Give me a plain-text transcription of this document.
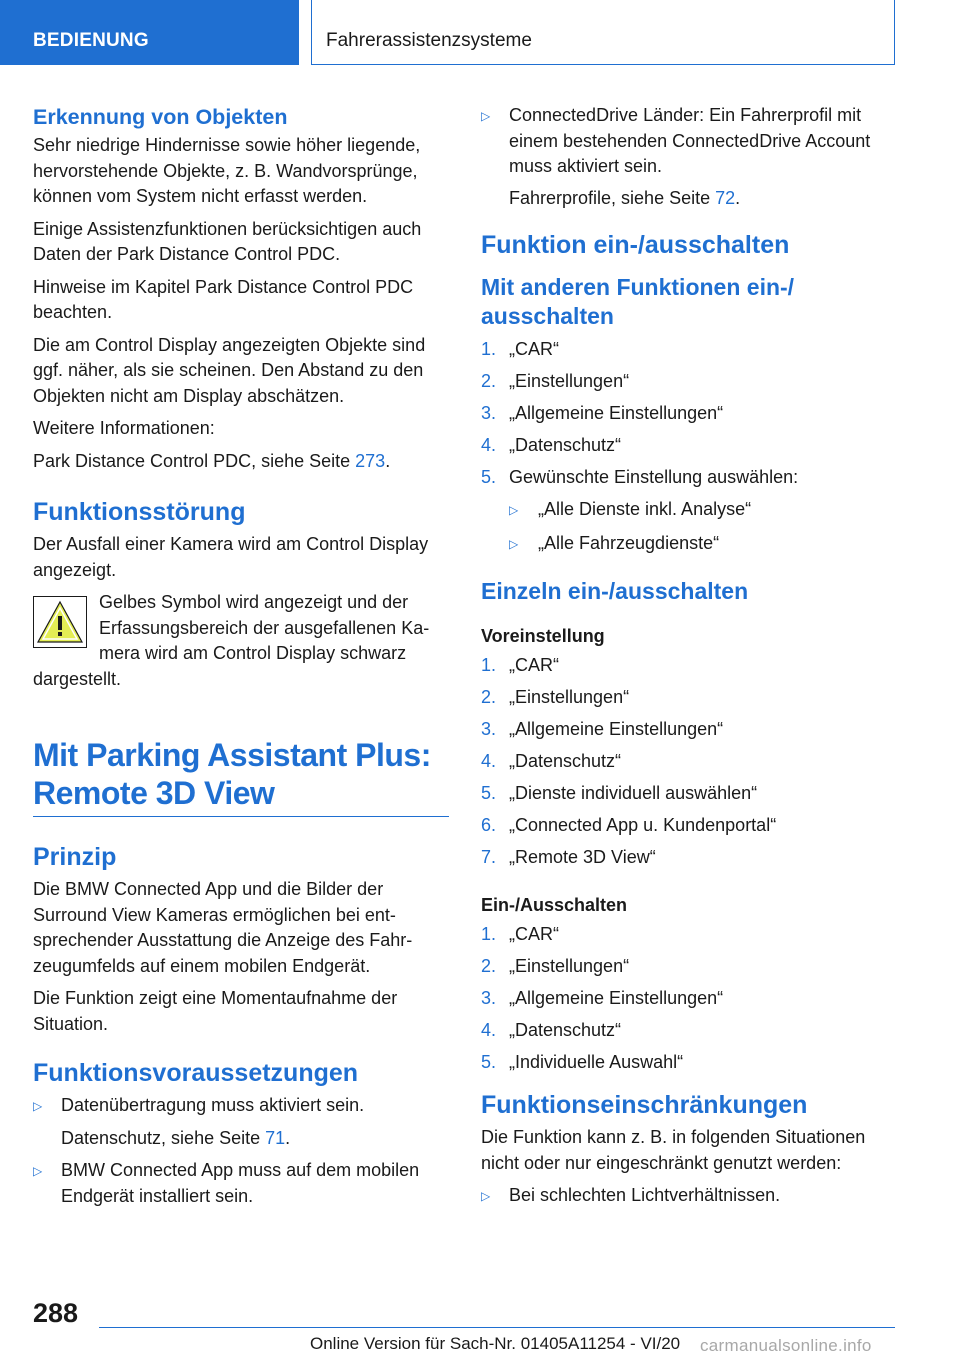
BEDIENUNG	Fahrerassistenzsysteme
Erkennung von Objekten

Sehr niedrige Hindernisse sowie höher liegende, hervorstehende Objekte, z. B. Wandvorsprünge, können vom System nicht erfasst werden.

Einige Assistenzfunktionen berücksichtigen auch Daten der Park Distance Control PDC.

Hinweise im Kapitel Park Distance Control PDC beachten.

Die am Control Display angezeigten Objekte sind ggf. näher, als sie scheinen. Den Abstand zu den Objekten nicht am Display abschätzen.

Weitere Informationen:

Park Distance Control PDC, siehe Seite 273.

Funktionsstörung

Der Ausfall einer Kamera wird am Control Display angezeigt.

Gelbes Symbol wird angezeigt und der
Erfassungsbereich der ausgefallenen Ka-
mera wird am Control Display schwarz
dargestellt.
Mit Parking Assistant Plus:
Remote 3D View
Prinzip

Die BMW Connected App und die Bilder der Surround View Kameras ermöglichen bei entsprechender Ausstattung die Anzeige des Fahrzeugumfelds auf einem mobilen Endgerät.

Die Funktion zeigt eine Momentaufnahme der Situation.

Funktionsvoraussetzungen
▷	Datenübertragung muss aktiviert sein.

Datenschutz, siehe Seite 71.

▷	BMW Connected App muss auf dem mobilen Endgerät installiert sein.
▷	ConnectedDrive Länder: Ein Fahrerprofil mit einem bestehenden ConnectedDrive Account muss aktiviert sein.

Fahrerprofile, siehe Seite 72.

Funktion ein-/ausschalten
Mit anderen Funktionen ein-/ ausschalten
1. „CAR“
2. „Einstellungen“
3. „Allgemeine Einstellungen“
4. „Datenschutz“
5. Gewünschte Einstellung auswählen:
▷	„Alle Dienste inkl. Analyse“
▷	„Alle Fahrzeugdienste“
Einzeln ein-/ausschalten
Voreinstellung
1. „CAR“
2. „Einstellungen“
3. „Allgemeine Einstellungen“
4. „Datenschutz“
5. „Dienste individuell auswählen“
6. „Connected App u. Kundenportal“
7. „Remote 3D View“
Ein-/Ausschalten
1. „CAR“
2. „Einstellungen“
3. „Allgemeine Einstellungen“
4. „Datenschutz“
5. „Individuelle Auswahl“
Funktionseinschränkungen

Die Funktion kann z. B. in folgenden Situationen nicht oder nur eingeschränkt genutzt werden:

▷	Bei schlechten Lichtverhältnissen.
288
Online Version für Sach-Nr. 01405A11254 - VI/20 carmanualsonline.info
